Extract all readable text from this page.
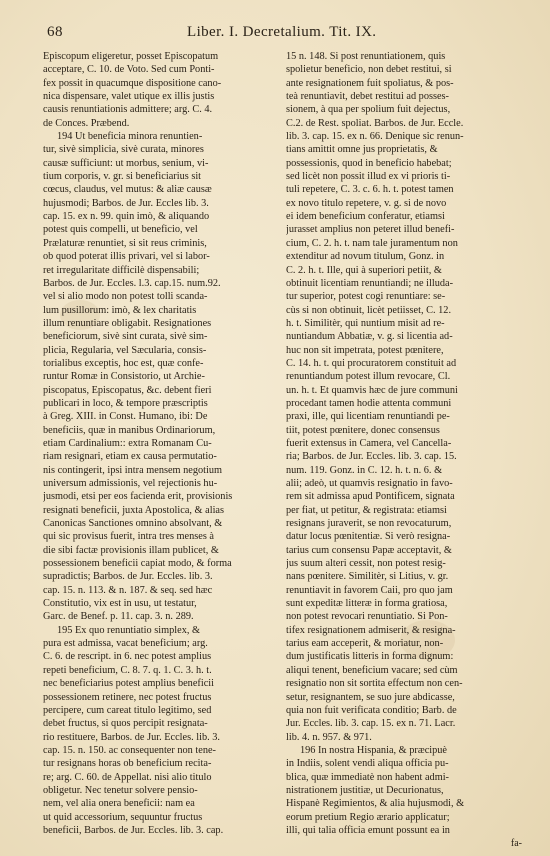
68	Liber. I. Decretalium. Tit. IX.
Episcopum eligeretur, posset Episcopatum
acceptare, C. 10. de Voto. Sed cum Ponti-
fex possit in quacumque dispositione cano-
nica dispensare, valet utique ex illis justis
causis renuntiationis admittere; arg. C. 4.
de Conces. Præbend.
194 Ut beneficia minora renuntien-
tur, sivè simplicia, sivè curata, minores
causæ sufficiunt: ut morbus, senium, vi-
tium corporis, v. gr. si beneficiarius sit
cœcus, claudus, vel mutus: & aliæ causæ
hujusmodi; Barbos. de Jur. Eccles lib. 3.
cap. 15. ex n. 99. quin imò, & aliquando
potest quis compelli, ut beneficio, vel
Prælaturæ renuntiet, si sit reus criminis,
ob quod poterat illis privari, vel si labor-
ret irregularitate difficilè dispensabili;
Barbos. de Jur. Eccles. l.3. cap.15. num.92.
vel si alio modo non potest tolli scanda-
lum pusillorum: imò, & lex charitatis
illum renuntiare obligabit. Resignationes
beneficiorum, sivè sint curata, sivè sim-
plicia, Regularia, vel Sæcularia, consis-
torialibus exceptis, hoc est, quæ confe-
runtur Romæ in Consistorio, ut Archie-
piscopatus, Episcopatus, &c. debent fieri
publicari in loco, & tempore præscriptis
à Greg. XIII. in Const. Humano, ibi: De
beneficiis, quæ in manibus Ordinariorum,
etiam Cardinalium:: extra Romanam Cu-
riam resignari, etiam ex causa permutatio-
nis contingerit, ipsi intra mensem negotium
universum admissionis, vel rejectionis hu-
jusmodi, etsi per eos facienda erit, provisionis
resignati beneficii, juxta Apostolica, & alias
Canonicas Sanctiones omnino absolvant, &
qui sic provisus fuerit, intra tres menses à
die sibi factæ provisionis illam publicet, &
possessionem beneficii capiat modo, & forma
supradictis; Barbos. de Jur. Eccles. lib. 3.
cap. 15. n. 113. & n. 187. & seq. sed hæc
Constitutio, vix est in usu, ut testatur,
Garc. de Benef. p. 11. cap. 3. n. 289.
195 Ex quo renuntiatio simplex, &
pura est admissa, vacat beneficium; arg.
C. 6. de rescript. in 6. nec potest amplius
repeti beneficium, C. 8. 7. q. 1. C. 3. h. t.
nec beneficiarius potest amplius beneficii
possessionem retinere, nec potest fructus
percipere, cum careat titulo legitimo, sed
debet fructus, si quos percipit resignata-
rio restituere, Barbos. de Jur. Eccles. lib. 3.
cap. 15. n. 150. ac consequenter non tene-
tur resignans horas ob beneficium recita-
re; arg. C. 60. de Appellat. nisi alio titulo
obligetur. Nec tenetur solvere pensio-
nem, vel alia onera beneficii: nam ea
ut quid accessorium, sequuntur fructus
beneficii, Barbos. de Jur. Eccles. lib. 3. cap.
15 n. 148. Si post renuntiationem, quis
spolietur beneficio, non debet restitui, si
ante resignationem fuit spoliatus, & pos-
teà renuntiavit, debet restitui ad posses-
sionem, à qua per spolium fuit dejectus,
C.2. de Rest. spoliat. Barbos. de Jur. Eccle.
lib. 3. cap. 15. ex n. 66. Denique sic renun-
tians amittit omne jus proprietatis, &
possessionis, quod in beneficio habebat;
sed licèt non possit illud ex vi prioris ti-
tuli repetere, C. 3. c. 6. h. t. potest tamen
ex novo titulo repetere, v. g. si de novo
ei idem beneficium conferatur, etiamsi
jurasset amplius non peteret illud benefi-
cium, C. 2. h. t. nam tale juramentum non
extenditur ad novum titulum, Gonz. in
C. 2. h. t. Ille, qui à superiori petiit, &
obtinuit licentiam renuntiandi; ne illuda-
tur superior, potest cogi renuntiare: se-
cùs si non obtinuit, licèt petiisset, C. 12.
h. t. Similitèr, qui nuntium misit ad re-
nuntiandum Abbatiæ, v. g. si licentia ad-
huc non sit impetrata, potest pœnitere,
C. 14. h. t. qui procuratorem constituit ad
renuntiandum potest illum revocare, Cl.
un. h. t. Et quamvis hæc de jure communi
procedant tamen hodie attenta communi
praxi, ille, qui licentiam renuntiandi pe-
tiit, potest pœnitere, donec consensus
fuerit extensus in Camera, vel Cancella-
ria; Barbos. de Jur. Eccles. lib. 3. cap. 15.
num. 119. Gonz. in C. 12. h. t. n. 6. &
alii; adeò, ut quamvis resignatio in favo-
rem sit admissa apud Pontificem, signata
per fiat, ut petitur, & registrata: etiamsi
resignans juraverit, se non revocaturum,
datur locus pœnitentiæ. Si verò resigna-
tarius cum consensu Papæ acceptavit, &
jus suum alteri cessit, non potest resig-
nans pœnitere. Similitèr, si Litius, v. gr.
renuntiavit in favorem Caii, pro quo jam
sunt expeditæ litteræ in forma gratiosa,
non potest revocari renuntiatio. Si Pon-
tifex resignationem admiserit, & resigna-
tarius eam acceperit, & moriatur, non-
dum justificatis litteris in forma dignum:
aliqui tenent, beneficium vacare; sed cùm
resignatio non sit sortita effectum non cen-
setur, resignantem, se suo jure abdicasse,
quia non fuit verificata conditio; Barb. de
Jur. Eccles. lib. 3. cap. 15. ex n. 71. Lacr.
lib. 4. n. 957. & 971.
196 In nostra Hispania, & præcipuè
in Indiis, solent vendi aliqua officia pu-
blica, quæ immediatè non habent admi-
nistrationem justitiæ, ut Decurionatus,
Hispanè Regimientos, & alia hujusmodi, &
eorum pretium Regio ærario applicatur;
illi, qui talia officia emunt possunt ea in
fa-
